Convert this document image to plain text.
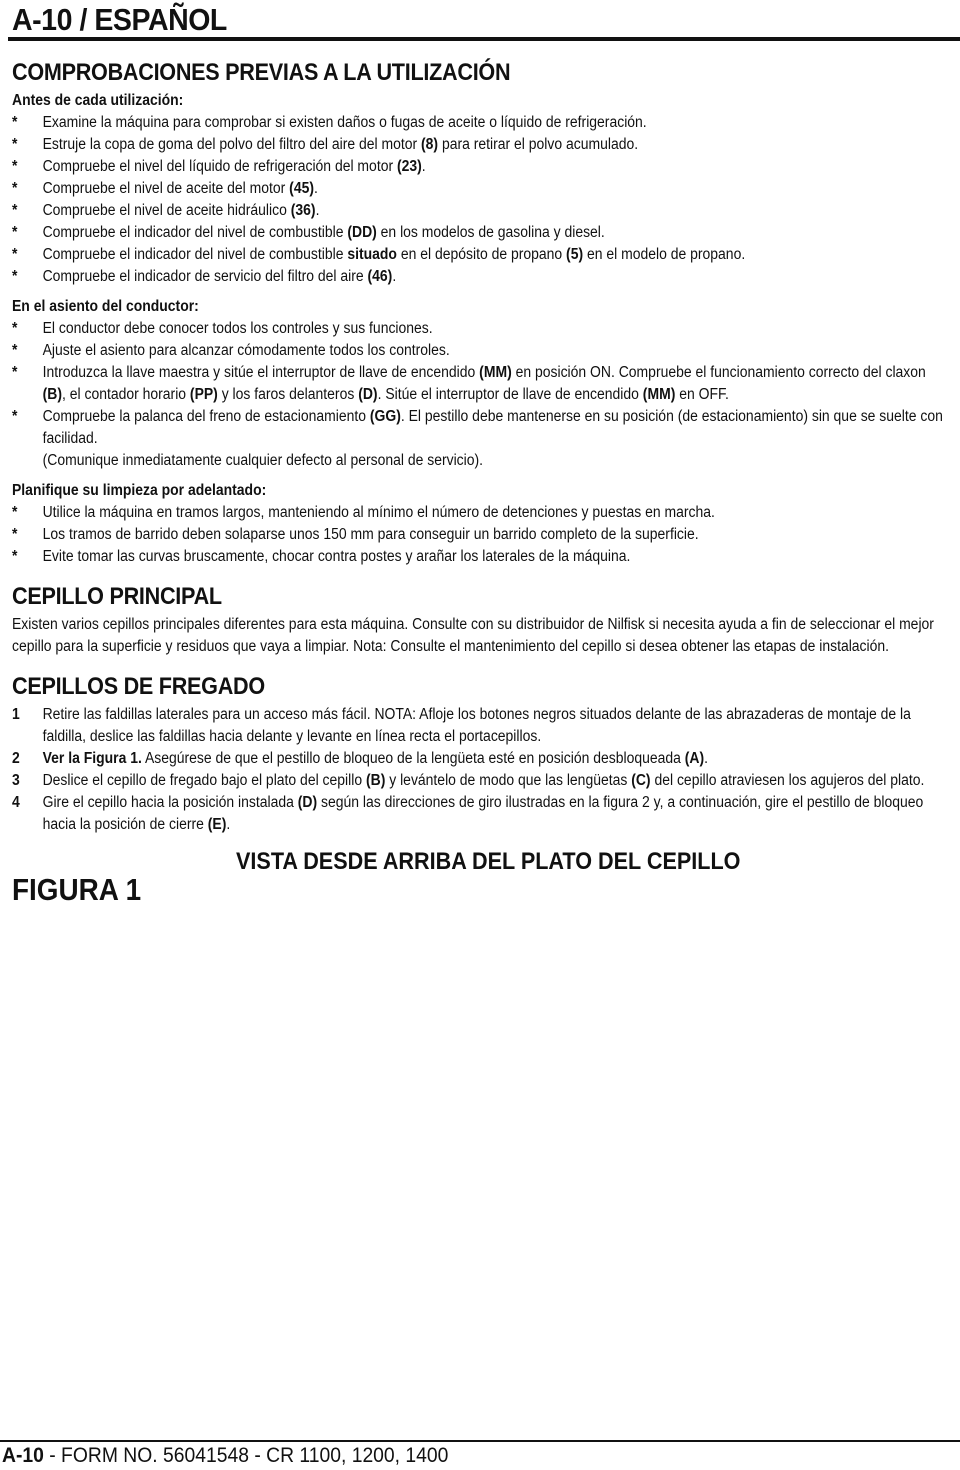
A-10 / ESPAÑOL
COMPROBACIONES PREVIAS A LA UTILIZACIÓN
Antes de cada utilización:
* Examine la máquina para comprobar si existen daños o fugas de aceite o líquido de refrigeración.
* Estruje la copa de goma del polvo del filtro del aire del motor (8) para retirar el polvo acumulado.
* Compruebe el nivel del líquido de refrigeración del motor (23).
* Compruebe el nivel de aceite del motor (45).
* Compruebe el nivel de aceite hidráulico (36).
* Compruebe el indicador del nivel de combustible (DD) en los modelos de gasolina y diesel.
* Compruebe el indicador del nivel de combustible situado en el depósito de propano (5) en el modelo de propano.
* Compruebe el indicador de servicio del filtro del aire (46).
En el asiento del conductor:
* El conductor debe conocer todos los controles y sus funciones.
* Ajuste el asiento para alcanzar cómodamente todos los controles.
* Introduzca la llave maestra y sitúe el interruptor de llave de encendido (MM) en posición ON. Compruebe el funcionamiento correcto del claxon (B), el contador horario (PP) y los faros delanteros (D). Sitúe el interruptor de llave de encendido (MM) en OFF.
* Compruebe la palanca del freno de estacionamiento (GG). El pestillo debe mantenerse en su posición (de estacionamiento) sin que se suelte con facilidad.
(Comunique inmediatamente cualquier defecto al personal de servicio).
Planifique su limpieza por adelantado:
* Utilice la máquina en tramos largos, manteniendo al mínimo el número de detenciones y puestas en marcha.
* Los tramos de barrido deben solaparse unos 150 mm para conseguir un barrido completo de la superficie.
* Evite tomar las curvas bruscamente, chocar contra postes y arañar los laterales de la máquina.
CEPILLO PRINCIPAL

Existen varios cepillos principales diferentes para esta máquina. Consulte con su distribuidor de Nilfisk si necesita ayuda a fin de seleccionar el mejor cepillo para la superficie y residuos que vaya a limpiar. Nota: Consulte el mantenimiento del cepillo si desea obtener las etapas de instalación.

CEPILLOS DE FREGADO
1 Retire las faldillas laterales para un acceso más fácil. NOTA: Afloje los botones negros situados delante de las abrazaderas de montaje de la faldilla, deslice las faldillas hacia delante y levante en línea recta el portacepillos.
2 Ver la Figura 1. Asegúrese de que el pestillo de bloqueo de la lengüeta esté en posición desbloqueada (A).
3 Deslice el cepillo de fregado bajo el plato del cepillo (B) y levántelo de modo que las lengüetas (C) del cepillo atraviesen los agujeros del plato.
4 Gire el cepillo hacia la posición instalada (D) según las direcciones de giro ilustradas en la figura 2 y, a continuación, gire el pestillo de bloqueo hacia la posición de cierre (E).
FIGURA 1
VISTA DESDE ARRIBA DEL PLATO DEL CEPILLO
A-10 - FORM NO. 56041548 - CR 1100, 1200, 1400
